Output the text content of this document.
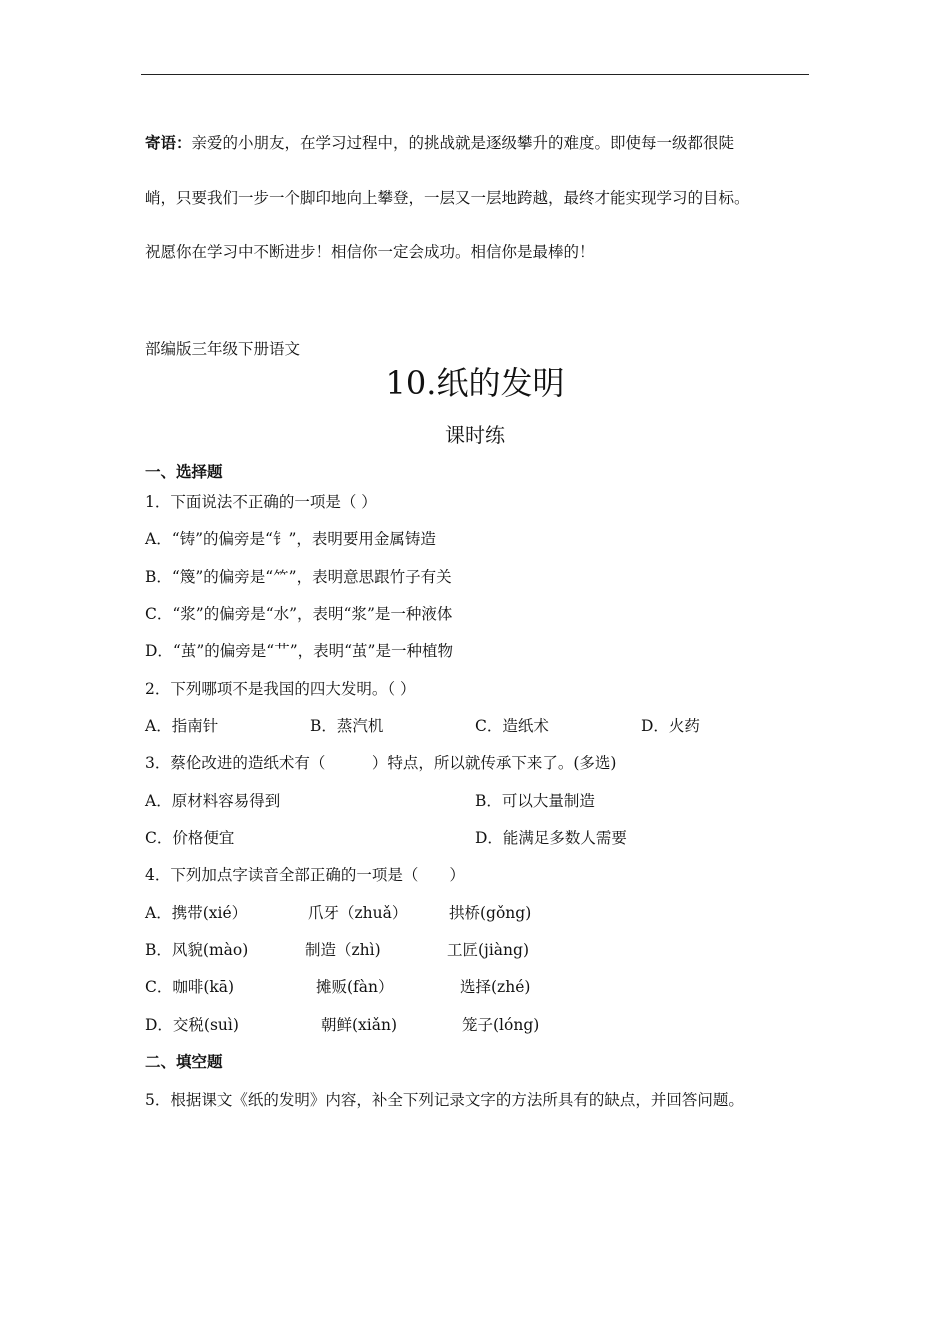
寄语：亲爱的小朋友，在学习过程中，的挑战就是逐级攀升的难度。即使每一级都很陡
峭，只要我们一步一个脚印地向上攀登，一层又一层地跨越，最终才能实现学习的目标。
祝愿你在学习中不断进步！相信你一定会成功。相信你是最棒的！
部编版三年级下册语文
10.纸的发明
课时练
一、选择题
1．下面说法不正确的一项是（ ）
A．“铸”的偏旁是“钅”，表明要用金属铸造
B．“篾”的偏旁是“⺮”，表明意思跟竹子有关
C．“浆”的偏旁是“水”，表明“浆”是一种液体
D．“茧”的偏旁是“艹”，表明“茧”是一种植物
2．下列哪项不是我国的四大发明。（ ）
A．指南针	B．蒸汽机	C．造纸术	D．火药
3．蔡伦改进的造纸术有（　　　）特点，所以就传承下来了。(多选)
A．原材料容易得到	B．可以大量制造
C．价格便宜	D．能满足多数人需要
4．下列加点字读音全部正确的一项是（　　）
A．携带(xié）	爪牙（zhuǎ）	拱桥(gǒng)
B．风貌(mào)	制造（zhì)	工匠(jiàng)
C．咖啡(kā)	摊贩(fàn）	选择(zhé)
D．交税(suì)	朝鲜(xiǎn)	笼子(lóng)
二、填空题
5．根据课文《纸的发明》内容，补全下列记录文字的方法所具有的缺点，并回答问题。
